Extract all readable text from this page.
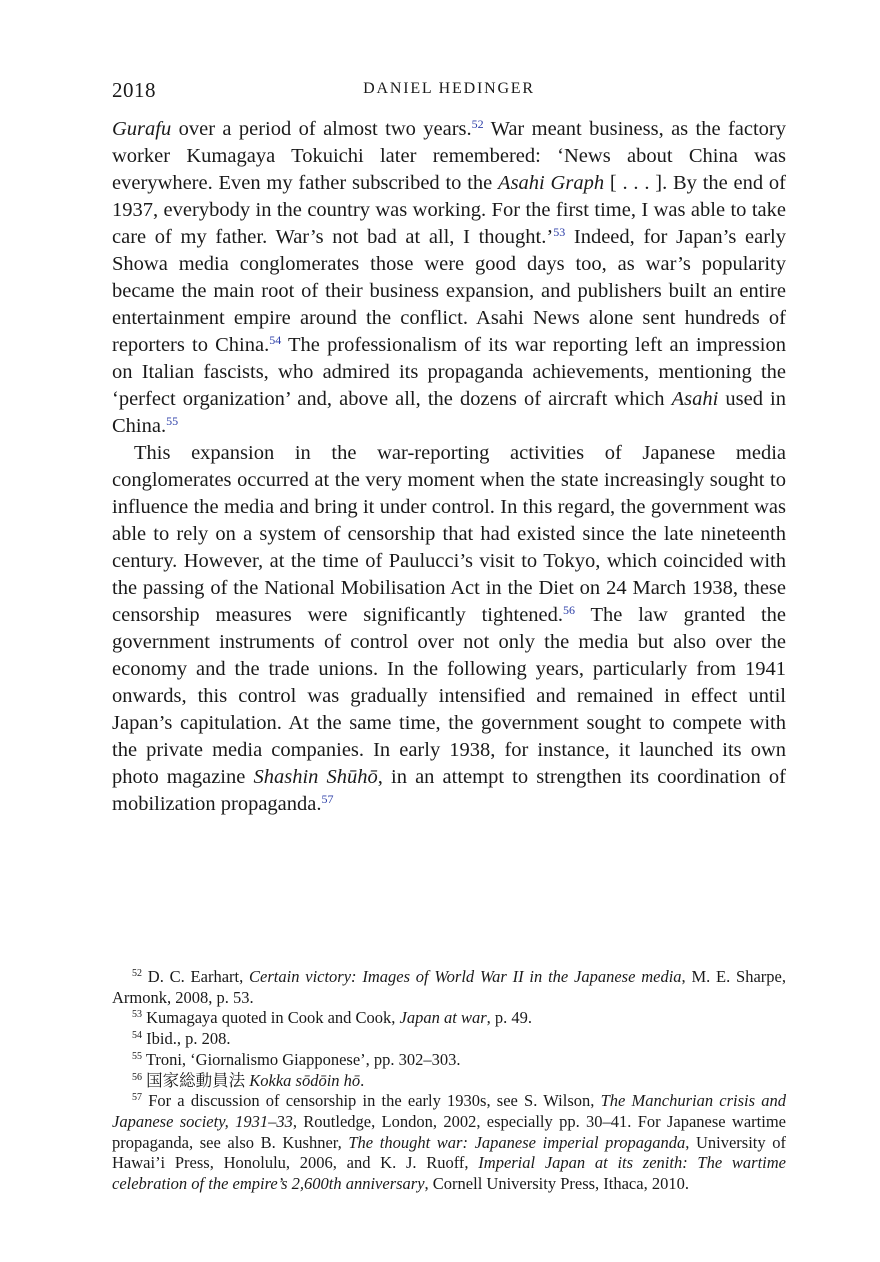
2018	DANIEL HEDINGER

Gurafu over a period of almost two years.$^{52}$ War meant business, as the factory worker Kumagaya Tokuichi later remembered: ‘News about China was everywhere. Even my father subscribed to the Asahi Graph [ . . . ]. By the end of 1937, everybody in the country was working. For the first time, I was able to take care of my father. War’s not bad at all, I thought.’$^{53}$ Indeed, for Japan’s early Showa media conglomerates those were good days too, as war’s popularity became the main root of their business expansion, and publishers built an entire entertainment empire around the conflict. Asahi News alone sent hundreds of reporters to China.$^{54}$ The professionalism of its war reporting left an impression on Italian fascists, who admired its propaganda achievements, mentioning the ‘perfect organization’ and, above all, the dozens of aircraft which Asahi used in China.$^{55}$

This expansion in the war-reporting activities of Japanese media conglomerates occurred at the very moment when the state increasingly sought to influence the media and bring it under control. In this regard, the government was able to rely on a system of censorship that had existed since the late nineteenth century. However, at the time of Paulucci’s visit to Tokyo, which coincided with the passing of the National Mobilisation Act in the Diet on 24 March 1938, these censorship measures were significantly tightened.$^{56}$ The law granted the government instruments of control over not only the media but also over the economy and the trade unions. In the following years, particularly from 1941 onwards, this control was gradually intensified and remained in effect until Japan’s capitulation. At the same time, the government sought to compete with the private media companies. In early 1938, for instance, it launched its own photo magazine Shashin Shūhō, in an attempt to strengthen its coordination of mobilization propaganda.$^{57}$

$^{52}$ D. C. Earhart, Certain victory: Images of World War II in the Japanese media, M. E. Sharpe, Armonk, 2008, p. 53.

$^{53}$ Kumagaya quoted in Cook and Cook, Japan at war, p. 49.

$^{54}$ Ibid., p. 208.

$^{55}$ Troni, ‘Giornalismo Giapponese’, pp. 302–303.

$^{56}$ 国家総動員法 Kokka sōdōin hō.

$^{57}$ For a discussion of censorship in the early 1930s, see S. Wilson, The Manchurian crisis and Japanese society, 1931–33, Routledge, London, 2002, especially pp. 30–41. For Japanese wartime propaganda, see also B. Kushner, The thought war: Japanese imperial propaganda, University of Hawai’i Press, Honolulu, 2006, and K. J. Ruoff, Imperial Japan at its zenith: The wartime celebration of the empire’s 2,600th anniversary, Cornell University Press, Ithaca, 2010.
